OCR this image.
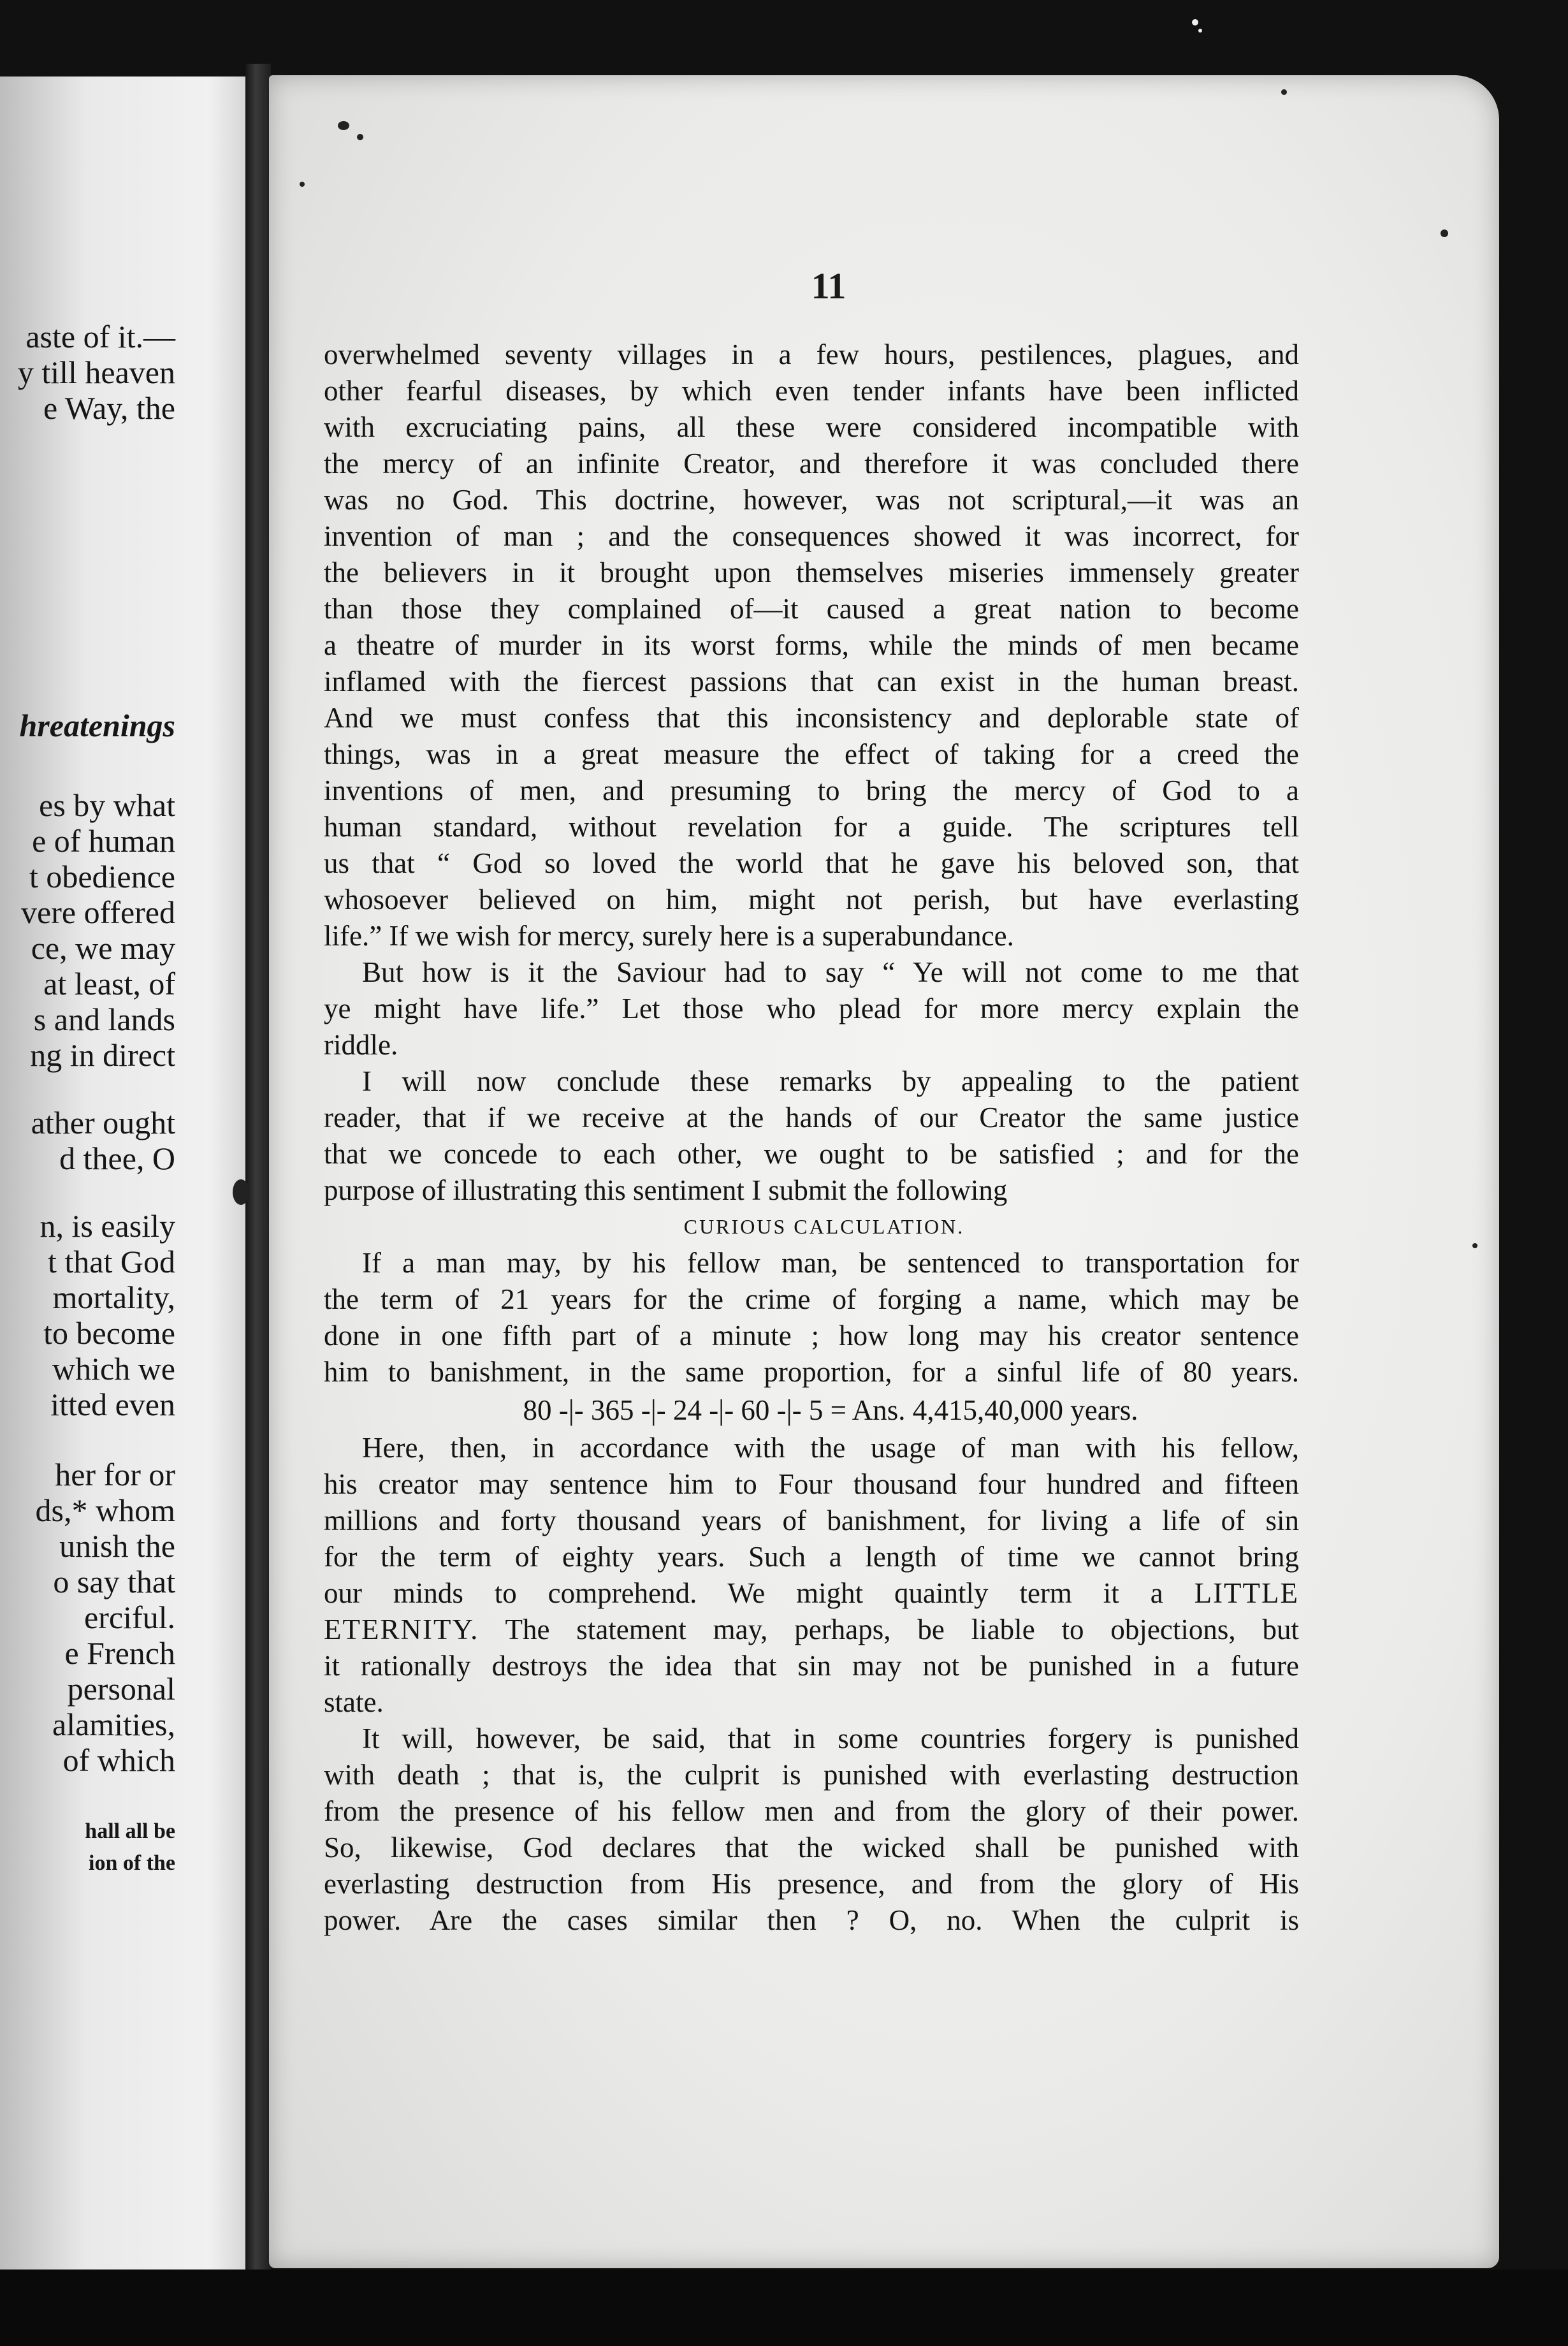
aste of it.—
y till heaven
e Way, the
hreatenings
es by what
e of human
t obedience
vere offered
ce, we may
at least, of
s and lands
ng in direct
ather ought
d thee, O
n, is easily
t that God
mortality,
to become
which we
itted even
her for or
ds,* whom
unish the
o say that
erciful.
e French
personal
alamities,
of which
hall all be
ion of the
11
overwhelmed seventy villages in a few hours, pestilences, plagues, and
other fearful diseases, by which even tender infants have been inflicted
with excruciating pains, all these were considered incompatible with
the mercy of an infinite Creator, and therefore it was concluded there
was no God. This doctrine, however, was not scriptural,—it was an
invention of man ; and the consequences showed it was incorrect, for
the believers in it brought upon themselves miseries immensely greater
than those they complained of—it caused a great nation to become
a theatre of murder in its worst forms, while the minds of men became
inflamed with the fiercest passions that can exist in the human breast.
And we must confess that this inconsistency and deplorable state of
things, was in a great measure the effect of taking for a creed the
inventions of men, and presuming to bring the mercy of God to a
human standard, without revelation for a guide. The scriptures tell
us that “ God so loved the world that he gave his beloved son, that
whosoever believed on him, might not perish, but have everlasting
life.” If we wish for mercy, surely here is a superabundance.
But how is it the Saviour had to say “ Ye will not come to me that
ye might have life.” Let those who plead for more mercy explain the
riddle.
I will now conclude these remarks by appealing to the patient
reader, that if we receive at the hands of our Creator the same justice
that we concede to each other, we ought to be satisfied ; and for the
purpose of illustrating this sentiment I submit the following
CURIOUS CALCULATION.
If a man may, by his fellow man, be sentenced to transportation for
the term of 21 years for the crime of forging a name, which may be
done in one fifth part of a minute ; how long may his creator sentence
him to banishment, in the same proportion, for a sinful life of 80 years.
80 -|- 365 -|- 24 -|- 60 -|- 5 = Ans. 4,415,40,000 years.
Here, then, in accordance with the usage of man with his fellow,
his creator may sentence him to Four thousand four hundred and fifteen
millions and forty thousand years of banishment, for living a life of sin
for the term of eighty years. Such a length of time we cannot bring
our minds to comprehend. We might quaintly term it a LITTLE
ETERNITY. The statement may, perhaps, be liable to objections, but
it rationally destroys the idea that sin may not be punished in a future
state.
It will, however, be said, that in some countries forgery is punished
with death ; that is, the culprit is punished with everlasting destruction
from the presence of his fellow men and from the glory of their power.
So, likewise, God declares that the wicked shall be punished with
everlasting destruction from His presence, and from the glory of His
power. Are the cases similar then ? O, no. When the culprit is
